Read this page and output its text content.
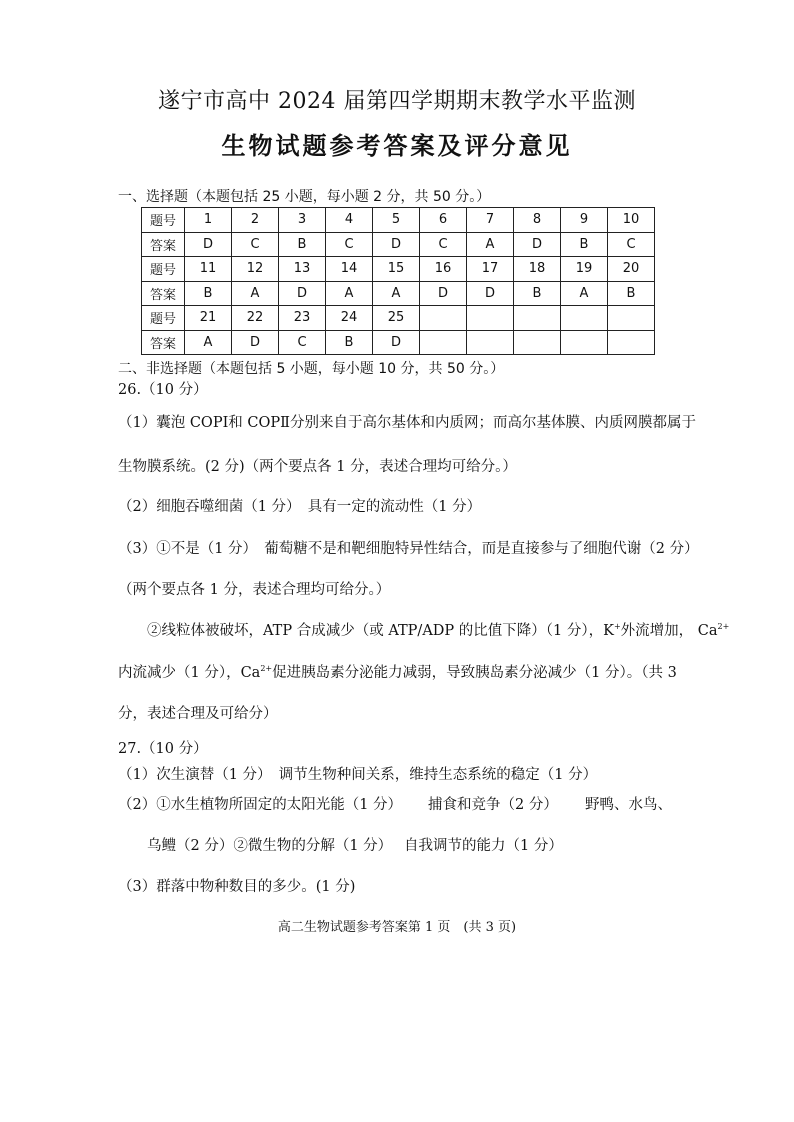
遂宁市高中 2024 届第四学期期末教学水平监测
生物试题参考答案及评分意见
一、选择题（本题包括 25 小题，每小题 2 分，共 50 分。）
题号	1	2	3	4	5	6	7	8	9	10
答案	D	C	B	C	D	C	A	D	B	C
题号	11	12	13	14	15	16	17	18	19	20
答案	B	A	D	A	A	D	D	B	A	B
题号	21	22	23	24	25					
答案	A	D	C	B	D					
二、非选择题（本题包括 5 小题，每小题 10 分，共 50 分。）
26.（10 分）
（1）囊泡 COPⅠ和 COPⅡ分别来自于高尔基体和内质网；而高尔基体膜、内质网膜都属于
生物膜系统。(2 分)（两个要点各 1 分，表述合理均可给分。）
（2）细胞吞噬细菌（1 分）　具有一定的流动性（1 分）
（3）①不是（1 分）　葡萄糖不是和靶细胞特异性结合，而是直接参与了细胞代谢（2 分）
（两个要点各 1 分，表述合理均可给分。）
②线粒体被破坏，ATP 合成减少（或 ATP/ADP 的比值下降）（1 分），K+外流增加， $Ca^{2+}$
内流减少（1 分），$Ca^{2+}$促进胰岛素分泌能力减弱，导致胰岛素分泌减少（1 分）。（共 3
分，表述合理及可给分）
27.（10 分）
（1）次生演替（1 分）　调节生物种间关系，维持生态系统的稳定（1 分）
（2）①水生植物所固定的太阳光能（1 分） 捕食和竞争（2 分） 野鸭、水鸟、
乌鳢（2 分）②微生物的分解（1 分） 自我调节的能力（1 分）
（3）群落中物种数目的多少。(1 分)
高二生物试题参考答案第 1 页　(共 3 页)
